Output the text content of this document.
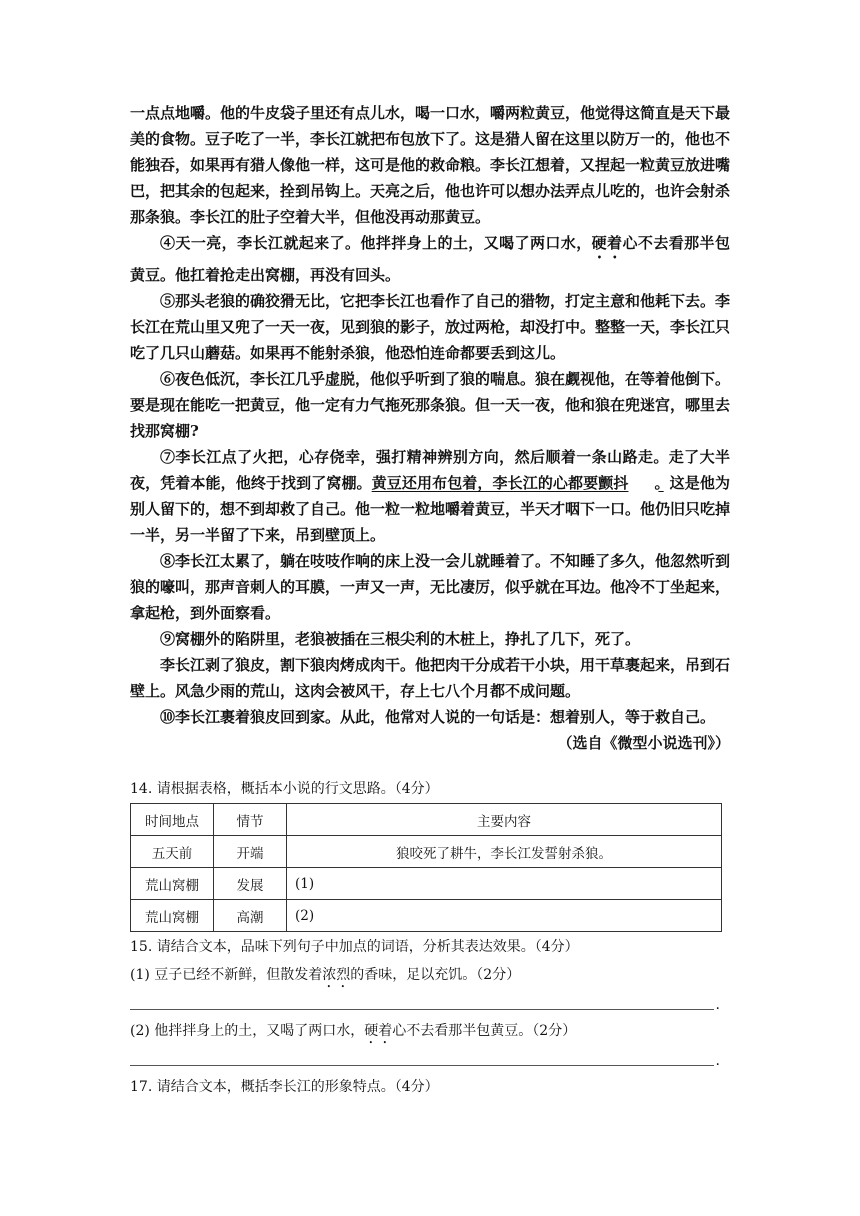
一点点地嚼。他的牛皮袋子里还有点儿水，喝一口水，嚼两粒黄豆，他觉得这简直是天下最美的食物。豆子吃了一半，李长江就把布包放下了。这是猎人留在这里以防万一的，他也不能独吞，如果再有猎人像他一样，这可是他的救命粮。李长江想着，又捏起一粒黄豆放进嘴巴，把其余的包起来，拴到吊钩上。天亮之后，他也许可以想办法弄点儿吃的，也许会射杀那条狼。李长江的肚子空着大半，但他没再动那黄豆。

④天一亮，李长江就起来了。他拌拌身上的土，又喝了两口水，硬着心不去看那半包黄豆。他扛着抢走出窝棚，再没有回头。

⑤那头老狼的确狡猾无比，它把李长江也看作了自己的猎物，打定主意和他耗下去。李长江在荒山里又兜了一天一夜，见到狼的影子，放过两枪，却没打中。整整一天，李长江只吃了几只山蘑菇。如果再不能射杀狼，他恐怕连命都要丢到这儿。

⑥夜色低沉，李长江几乎虚脱，他似乎听到了狼的喘息。狼在觑视他，在等着他倒下。要是现在能吃一把黄豆，他一定有力气拖死那条狼。但一天一夜，他和狼在兜迷宫，哪里去找那窝棚?

⑦李长江点了火把，心存侥幸，强打精神辨别方向，然后顺着一条山路走。走了大半夜，凭着本能，他终于找到了窝棚。黄豆还用布包着，李长江的心都要颤抖 。这是他为别人留下的，想不到却救了自己。他一粒一粒地嚼着黄豆，半天才咽下一口。他仍旧只吃掉一半，另一半留了下来，吊到壁顶上。

⑧李长江太累了，躺在吱吱作响的床上没一会儿就睡着了。不知睡了多久，他忽然听到狼的嚎叫，那声音刺人的耳膜，一声又一声，无比凄厉，似乎就在耳边。他冷不丁坐起来，拿起枪，到外面察看。

⑨窝棚外的陷阱里，老狼被插在三根尖利的木桩上，挣扎了几下，死了。

李长江剥了狼皮，割下狼肉烤成肉干。他把肉干分成若干小块，用干草裹起来，吊到石壁上。风急少雨的荒山，这肉会被风干，存上七八个月都不成问题。

⑩李长江裹着狼皮回到家。从此，他常对人说的一句话是：想着别人，等于救自己。

（选自《微型小说选刊》）

14. 请根据表格，概括本小说的行文思路。（4分）

时间地点	情节	主要内容
五天前	开端	狼咬死了耕牛，李长江发誓射杀狼。
荒山窝棚	发展	(1)
荒山窝棚	高潮	(2)

15. 请结合文本，品味下列句子中加点的词语，分析其表达效果。（4分）

(1) 豆子已经不新鲜，但散发着浓烈的香味，足以充饥。（2分）

.

(2) 他拌拌身上的土，又喝了两口水，硬着心不去看那半包黄豆。（2分）

.

17. 请结合文本，概括李长江的形象特点。（4分）
